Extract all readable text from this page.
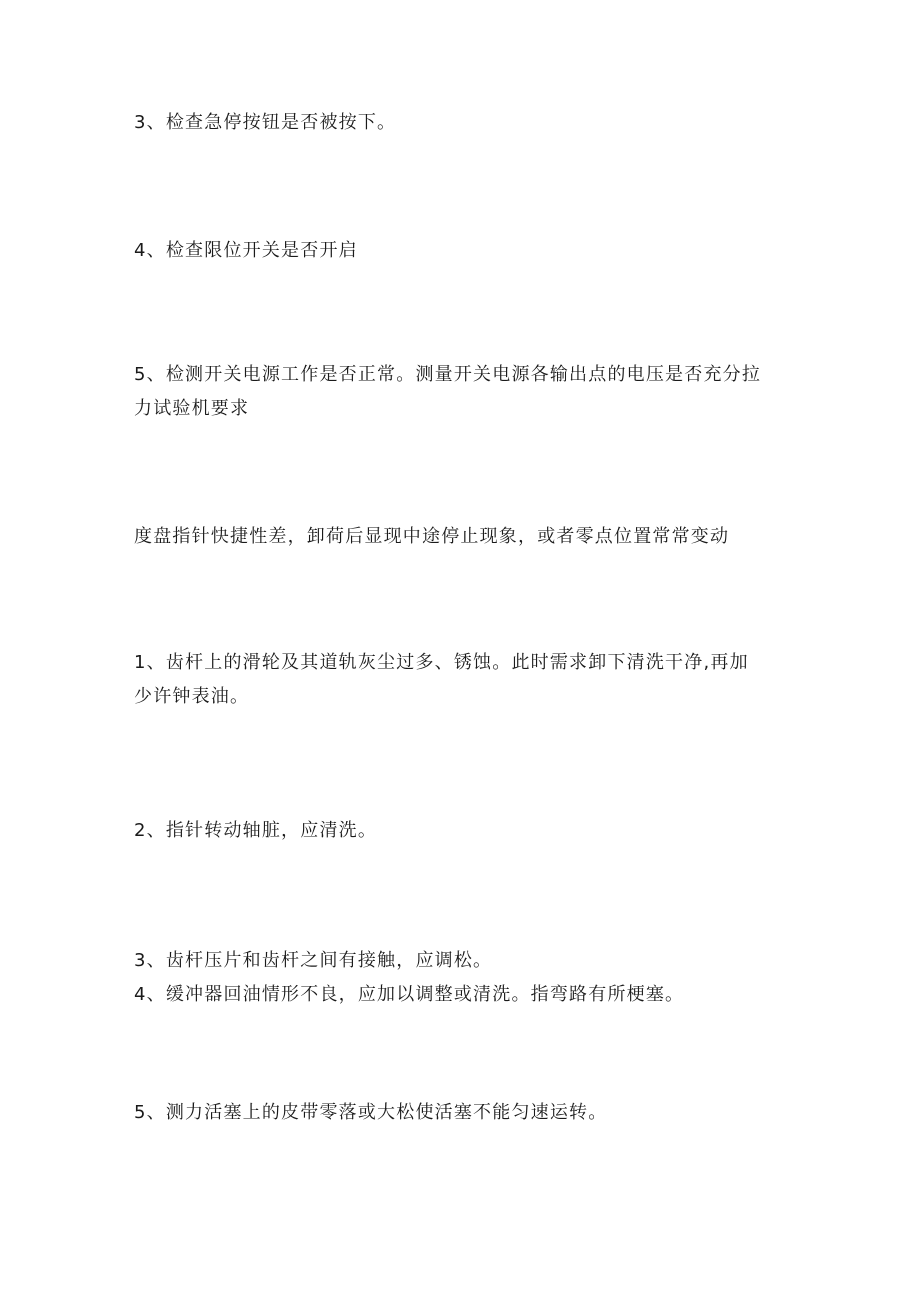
3、检查急停按钮是否被按下。
4、检查限位开关是否开启
5、检测开关电源工作是否正常。测量开关电源各输出点的电压是否充分拉
力试验机要求
度盘指针快捷性差，卸荷后显现中途停止现象，或者零点位置常常变动
1、齿杆上的滑轮及其道轨灰尘过多、锈蚀。此时需求卸下清洗干净,再加
少许钟表油。
2、指针转动轴脏，应清洗。
3、齿杆压片和齿杆之间有接触，应调松。
4、缓冲器回油情形不良，应加以调整或清洗。指弯路有所梗塞。
5、测力活塞上的皮带零落或大松使活塞不能匀速运转。
